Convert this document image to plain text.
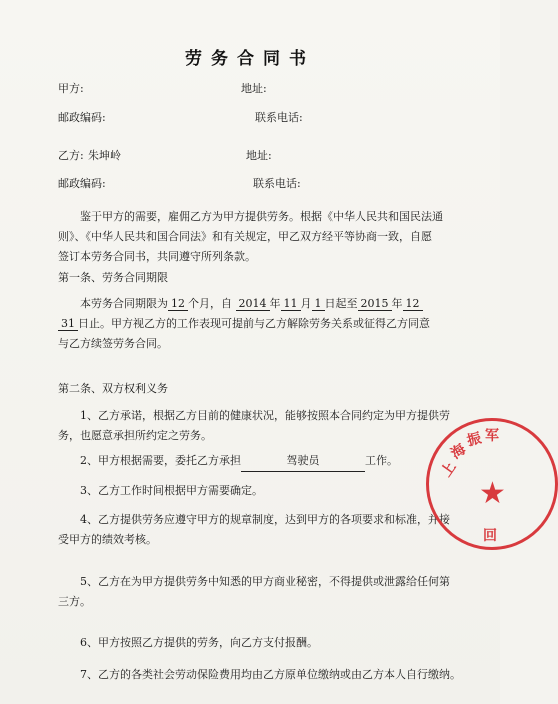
劳务合同书
甲方:	地址:
邮政编码:	联系电话:
乙方: 朱坤岭	地址:
邮政编码:	联系电话:
鉴于甲方的需要，雇佣乙方为甲方提供劳务。根据《中华人民共和国民法通
则》、《中华人民共和国合同法》和有关规定，甲乙双方经平等协商一致，自愿
签订本劳务合同书，共同遵守所列条款。
第一条、劳务合同期限
本劳务合同期限为 12 个月，自 2014 年 11 月 1 日起至 2015 年 12
31 日止。甲方视乙方的工作表现可提前与乙方解除劳务关系或征得乙方同意
与乙方续签劳务合同。
第二条、双方权利义务
1、乙方承诺，根据乙方目前的健康状况，能够按照本合同约定为甲方提供劳
务，也愿意承担所约定之劳务。
2、甲方根据需要，委托乙方承担	驾驶员	工作。
3、乙方工作时间根据甲方需要确定。
4、乙方提供劳务应遵守甲方的规章制度，达到甲方的各项要求和标准，并接
受甲方的绩效考核。
5、乙方在为甲方提供劳务中知悉的甲方商业秘密，不得提供或泄露给任何第
三方。
6、甲方按照乙方提供的劳务，向乙方支付报酬。
7、乙方的各类社会劳动保险费用均由乙方原单位缴纳或由乙方本人自行缴纳。
上
海
振 军
回
★
